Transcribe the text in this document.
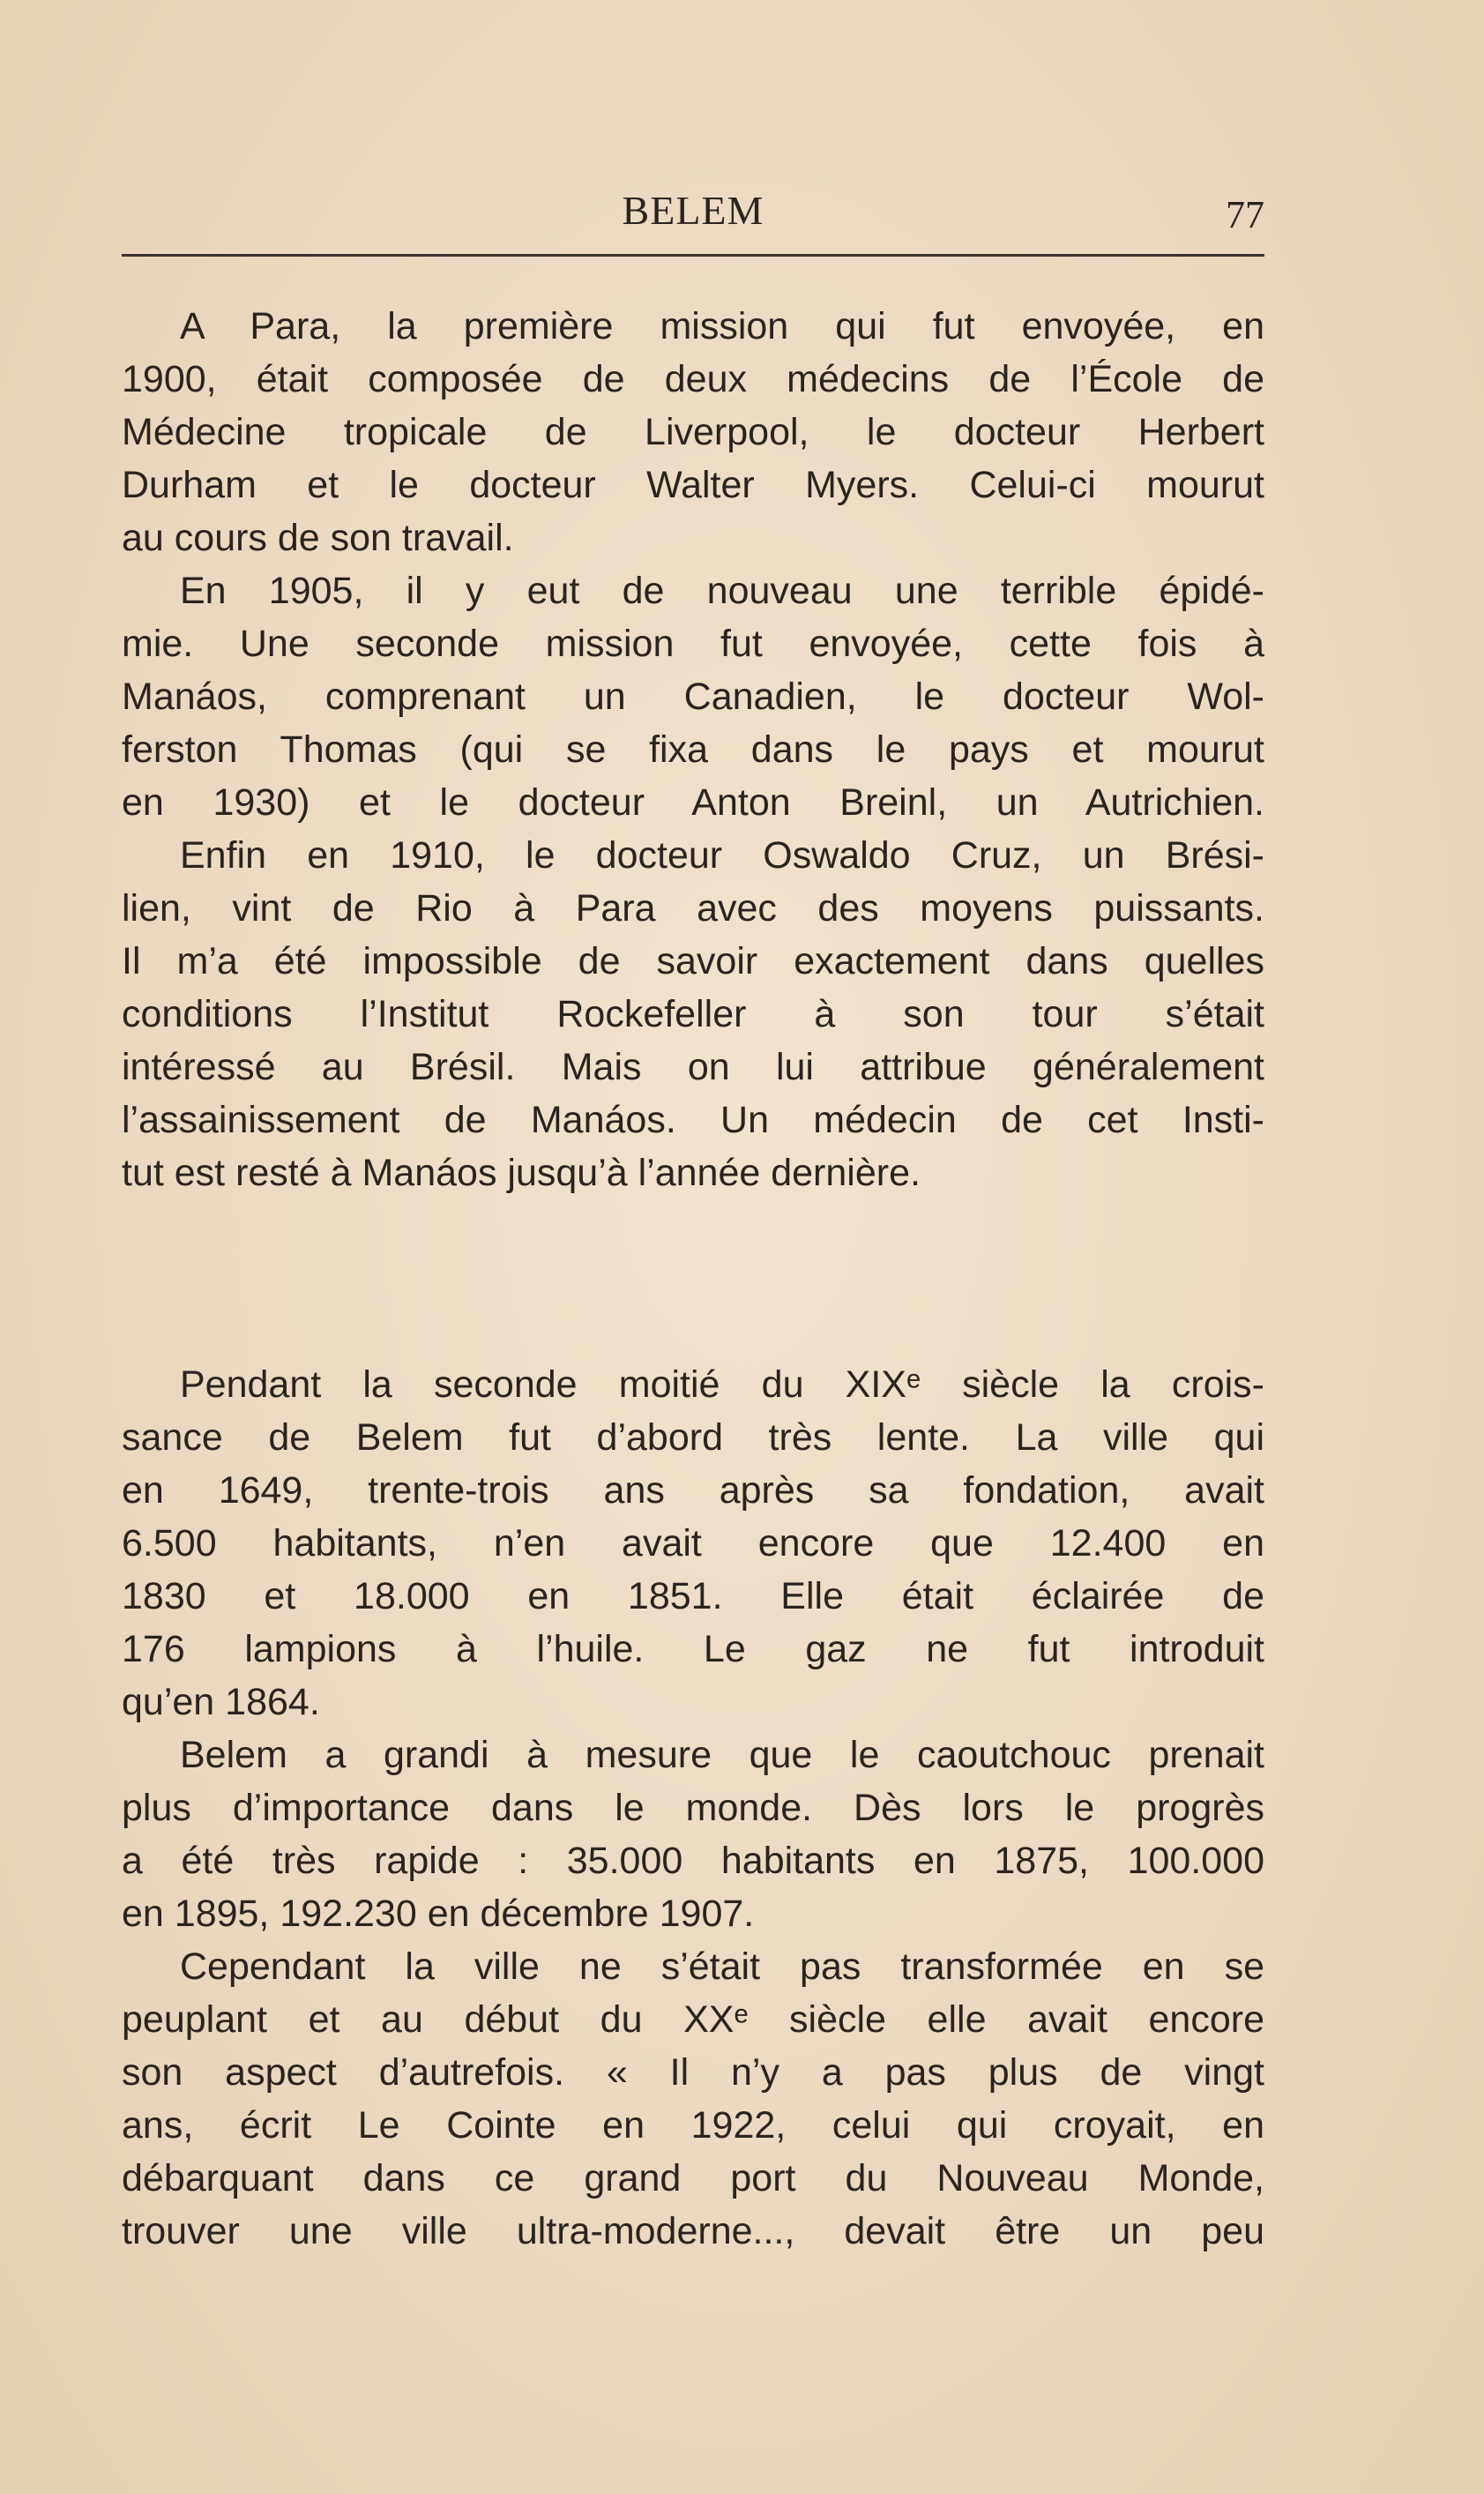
BELEM	77
A Para, la première mission qui fut envoyée, en
1900, était composée de deux médecins de l’École de
Médecine tropicale de Liverpool, le docteur Herbert
Durham et le docteur Walter Myers. Celui-ci mourut
au cours de son travail.
En 1905, il y eut de nouveau une terrible épidé-
mie. Une seconde mission fut envoyée, cette fois à
Manáos, comprenant un Canadien, le docteur Wol-
ferston Thomas (qui se fixa dans le pays et mourut
en 1930) et le docteur Anton Breinl, un Autrichien.
Enfin en 1910, le docteur Oswaldo Cruz, un Brési-
lien, vint de Rio à Para avec des moyens puissants.
Il m’a été impossible de savoir exactement dans quelles
conditions l’Institut Rockefeller à son tour s’était
intéressé au Brésil. Mais on lui attribue généralement
l’assainissement de Manáos. Un médecin de cet Insti-
tut est resté à Manáos jusqu’à l’année dernière.
Pendant la seconde moitié du XIXᵉ siècle la crois-
sance de Belem fut d’abord très lente. La ville qui
en 1649, trente-trois ans après sa fondation, avait
6.500 habitants, n’en avait encore que 12.400 en
1830 et 18.000 en 1851. Elle était éclairée de
176 lampions à l’huile. Le gaz ne fut introduit
qu’en 1864.
Belem a grandi à mesure que le caoutchouc prenait
plus d’importance dans le monde. Dès lors le progrès
a été très rapide : 35.000 habitants en 1875, 100.000
en 1895, 192.230 en décembre 1907.
Cependant la ville ne s’était pas transformée en se
peuplant et au début du XXᵉ siècle elle avait encore
son aspect d’autrefois. « Il n’y a pas plus de vingt
ans, écrit Le Cointe en 1922, celui qui croyait, en
débarquant dans ce grand port du Nouveau Monde,
trouver une ville ultra-moderne..., devait être un peu
